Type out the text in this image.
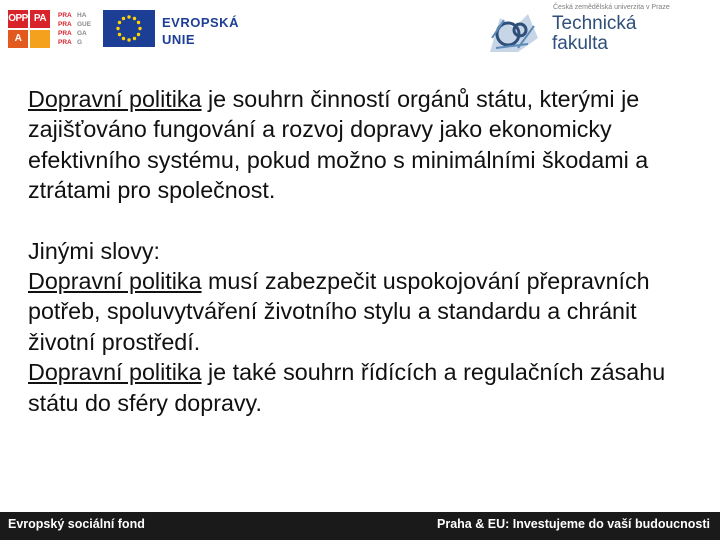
OPP PA
A
PRA HA
PRA GUE
PRA GA
PRA G
EVROPSKÁ
UNIE
Česká zemědělská univerzita v Praze
Technická
fakulta

Dopravní politika je souhrn činností orgánů státu, kterými je zajišťováno fungování a rozvoj dopravy jako ekonomicky efektivního systému, pokud možno s minimálními škodami a ztrátami pro společnost.

Jinými slovy:
Dopravní politika musí zabezpečit uspokojování přepravních potřeb, spoluvytváření životního stylu a standardu a chránit životní prostředí.
Dopravní politika je také souhrn řídících a regulačních zásahu státu do sféry dopravy.

Evropský sociální fond	Praha & EU: Investujeme do vaší budoucnosti
